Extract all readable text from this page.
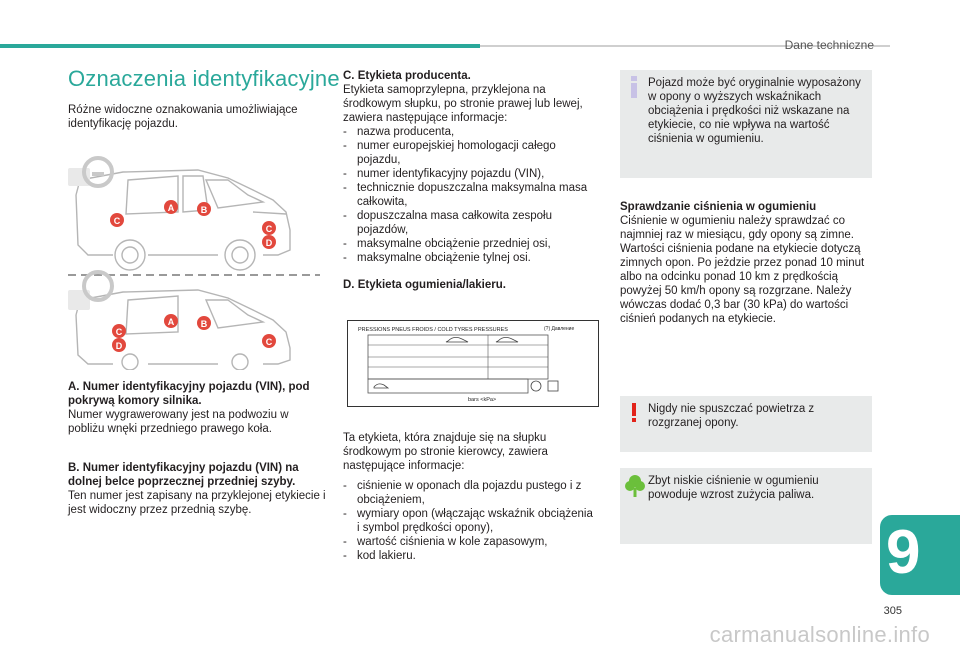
Dane techniczne
Oznaczenia identyfikacyjne
Różne widoczne oznakowania umożliwiające identyfikację pojazdu.
A	B
C
C
D
A	B
C
D	C
A. Numer identyfikacyjny pojazdu (VIN), pod pokrywą komory silnika.
Numer wygrawerowany jest na podwoziu w pobliżu wnęki przedniego prawego koła.
B. Numer identyfikacyjny pojazdu (VIN) na dolnej belce poprzecznej przedniej szyby.
Ten numer jest zapisany na przyklejonej etykiecie i jest widoczny przez przednią szybę.
C. Etykieta producenta.
Etykieta samoprzylepna, przyklejona na środkowym słupku, po stronie prawej lub lewej, zawiera następujące informacje:
- nazwa producenta,
- numer europejskiej homologacji całego pojazdu,
- numer identyfikacyjny pojazdu (VIN),
- technicznie dopuszczalna maksymalna masa całkowita,
- dopuszczalna masa całkowita zespołu pojazdów,
- maksymalne obciążenie przedniej osi,
- maksymalne obciążenie tylnej osi.
D. Etykieta ogumienia/lakieru.
PRESSIONS PNEUS FROIDS / COLD TYRES PRESSURES	(?) Давление
bars <kPa>
Ta etykieta, która znajduje się na słupku środkowym po stronie kierowcy, zawiera następujące informacje:
- ciśnienie w oponach dla pojazdu pustego i z obciążeniem,
- wymiary opon (włączając wskaźnik obciążenia i symbol prędkości opony),
- wartość ciśnienia w kole zapasowym,
- kod lakieru.
Pojazd może być oryginalnie wyposażony w opony o wyższych wskaźnikach obciążenia i prędkości niż wskazane na etykiecie, co nie wpływa na wartość ciśnienia w ogumieniu.
Sprawdzanie ciśnienia w ogumieniu
Ciśnienie w ogumieniu należy sprawdzać co najmniej raz w miesiącu, gdy opony są zimne. Wartości ciśnienia podane na etykiecie dotyczą zimnych opon. Po jeżdzie przez ponad 10 minut albo na odcinku ponad 10 km z prędkością powyżej 50 km/h opony są rozgrzane. Należy wówczas dodać 0,3 bar (30 kPa) do wartości ciśnień podanych na etykiecie.
Nigdy nie spuszczać powietrza z rozgrzanej opony.
Zbyt niskie ciśnienie w ogumieniu powoduje wzrost zużycia paliwa.
9
305
carmanualsonline.info
